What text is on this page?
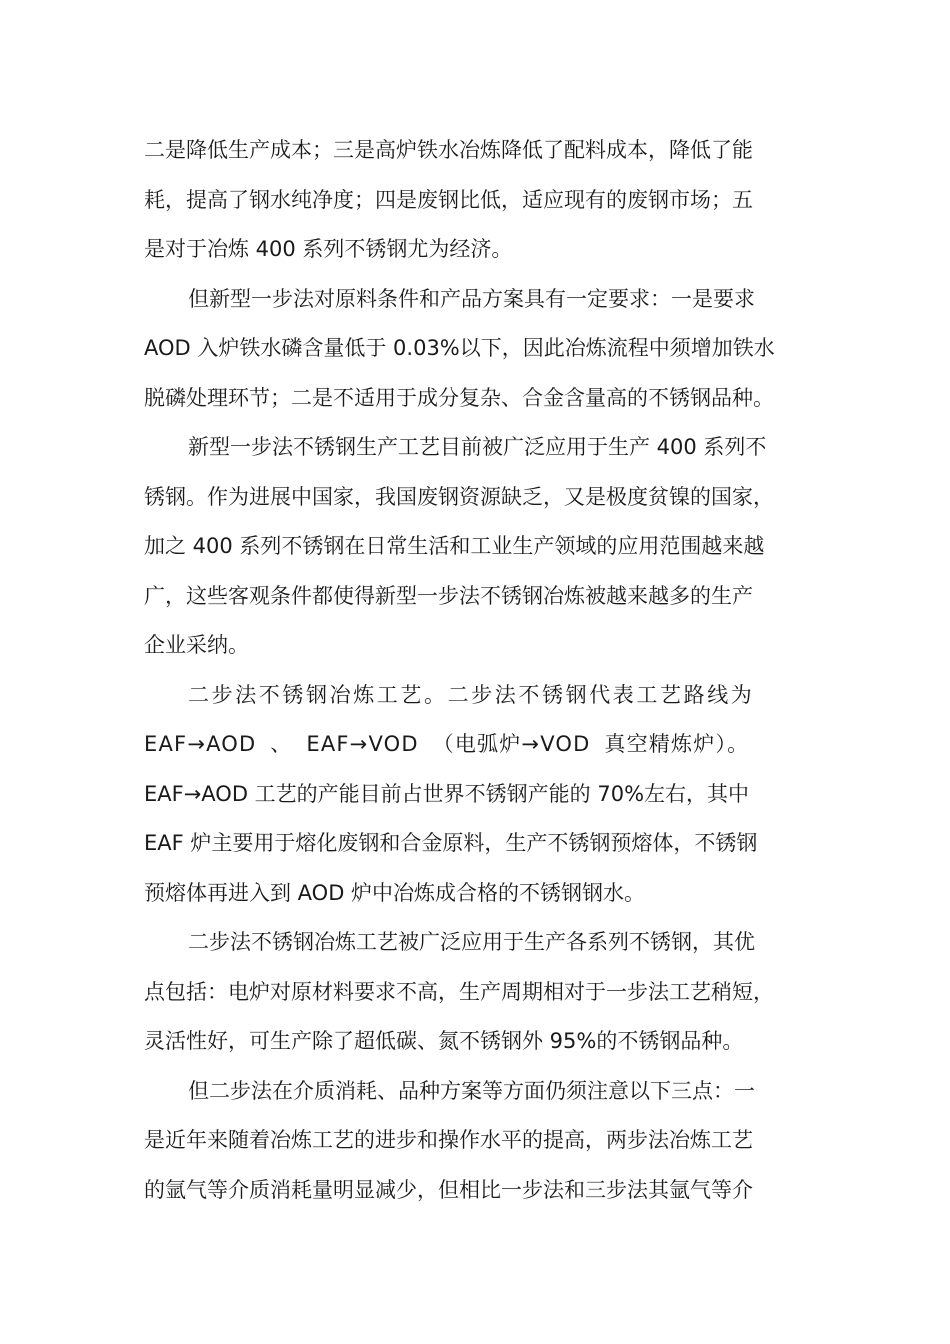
二是降低生产成本；三是高炉铁水冶炼降低了配料成本，降低了能
耗，提高了钢水纯净度；四是废钢比低，适应现有的废钢市场；五
是对于冶炼 400 系列不锈钢尤为经济。
但新型一步法对原料条件和产品方案具有一定要求：一是要求
AOD 入炉铁水磷含量低于 0.03%以下，因此冶炼流程中须增加铁水
脱磷处理环节；二是不适用于成分复杂、合金含量高的不锈钢品种。
新型一步法不锈钢生产工艺目前被广泛应用于生产 400 系列不
锈钢。作为进展中国家，我国废钢资源缺乏，又是极度贫镍的国家，
加之 400 系列不锈钢在日常生活和工业生产领域的应用范围越来越
广，这些客观条件都使得新型一步法不锈钢冶炼被越来越多的生产
企业采纳。
二步法不锈钢冶炼工艺。二步法不锈钢代表工艺路线为
EAF→AOD 、 EAF→VOD （电弧炉→VOD 真空精炼炉）。
EAF→AOD 工艺的产能目前占世界不锈钢产能的 70%左右，其中
EAF 炉主要用于熔化废钢和合金原料，生产不锈钢预熔体，不锈钢
预熔体再进入到 AOD 炉中冶炼成合格的不锈钢钢水。
二步法不锈钢冶炼工艺被广泛应用于生产各系列不锈钢，其优
点包括：电炉对原材料要求不高，生产周期相对于一步法工艺稍短，
灵活性好，可生产除了超低碳、氮不锈钢外 95%的不锈钢品种。
但二步法在介质消耗、品种方案等方面仍须注意以下三点：一
是近年来随着冶炼工艺的进步和操作水平的提高，两步法冶炼工艺
的氩气等介质消耗量明显减少，但相比一步法和三步法其氩气等介
